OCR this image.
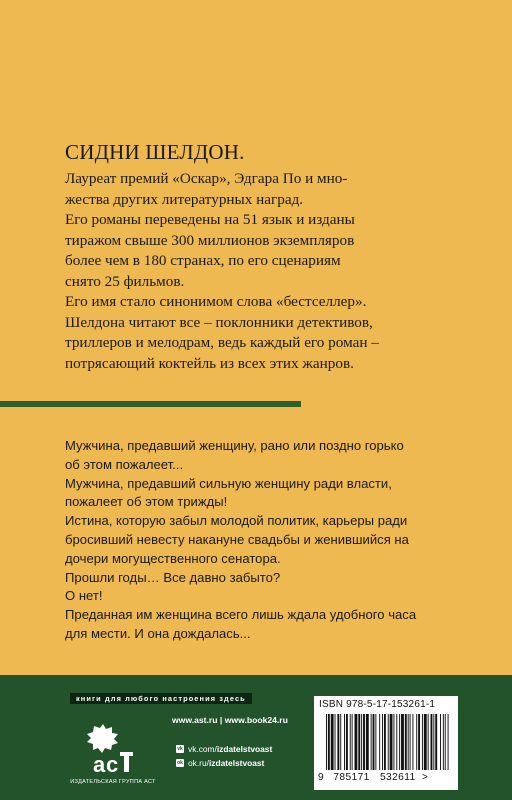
СИДНИ ШЕЛДОН.

Лауреат премий «Оскар», Эдгара По и мно-

жества других литературных наград.

Его романы переведены на 51 язык и изданы

тиражом свыше 300 миллионов экземпляров

более чем в 180 странах, по его сценариям

снято 25 фильмов.

Его имя стало синонимом слова «бестселлер».

Шелдона читают все – поклонники детективов,

триллеров и мелодрам, ведь каждый его роман –

потрясающий коктейль из всех этих жанров.

Мужчина, предавший женщину, рано или поздно горько

об этом пожалеет...

Мужчина, предавший сильную женщину ради власти,

пожалеет об этом трижды!

Истина, которую забыл молодой политик, карьеры ради

бросивший невесту накануне свадьбы и женившийся на

дочери могущественного сенатора.

Прошли годы… Все давно забыто?

О нет!

Преданная им женщина всего лишь ждала удобного часа

для мести. И она дождалась...

книги для любого настроения здесь
a c
ИЗДАТЕЛЬСКАЯ ГРУППА АСТ
www.ast.ru | www.book24.ru
vk vk.com/ izdatelstvoast
ok ok.ru/ izdatelstvoast
ISBN 978-5-17-153261-1
9 785171 532611 >
